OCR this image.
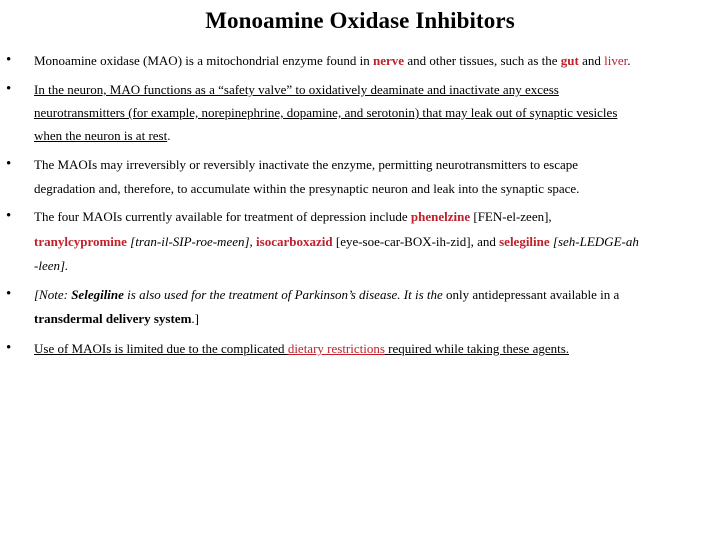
Monoamine Oxidase Inhibitors
• Monoamine oxidase (MAO) is a mitochondrial enzyme found in nerve and other tissues, such as the gut and liver.
• In the neuron, MAO functions as a “safety valve” to oxidatively deaminate and inactivate any excess
neurotransmitters (for example, norepinephrine, dopamine, and serotonin) that may leak out of synaptic vesicles
when the neuron is at rest.
• The MAOIs may irreversibly or reversibly inactivate the enzyme, permitting neurotransmitters to escape
degradation and, therefore, to accumulate within the presynaptic neuron and leak into the synaptic space.
• The four MAOIs currently available for treatment of depression include phenelzine [FEN-el-zeen],
tranylcypromine [tran-il-SIP-roe-meen], isocarboxazid [eye-soe-car-BOX-ih-zid], and selegiline [seh-LEDGE-ah
-leen].
• [Note: Selegiline is also used for the treatment of Parkinson’s disease. It is the only antidepressant available in a
transdermal delivery system.]
• Use of MAOIs is limited due to the complicated dietary restrictions required while taking these agents.
